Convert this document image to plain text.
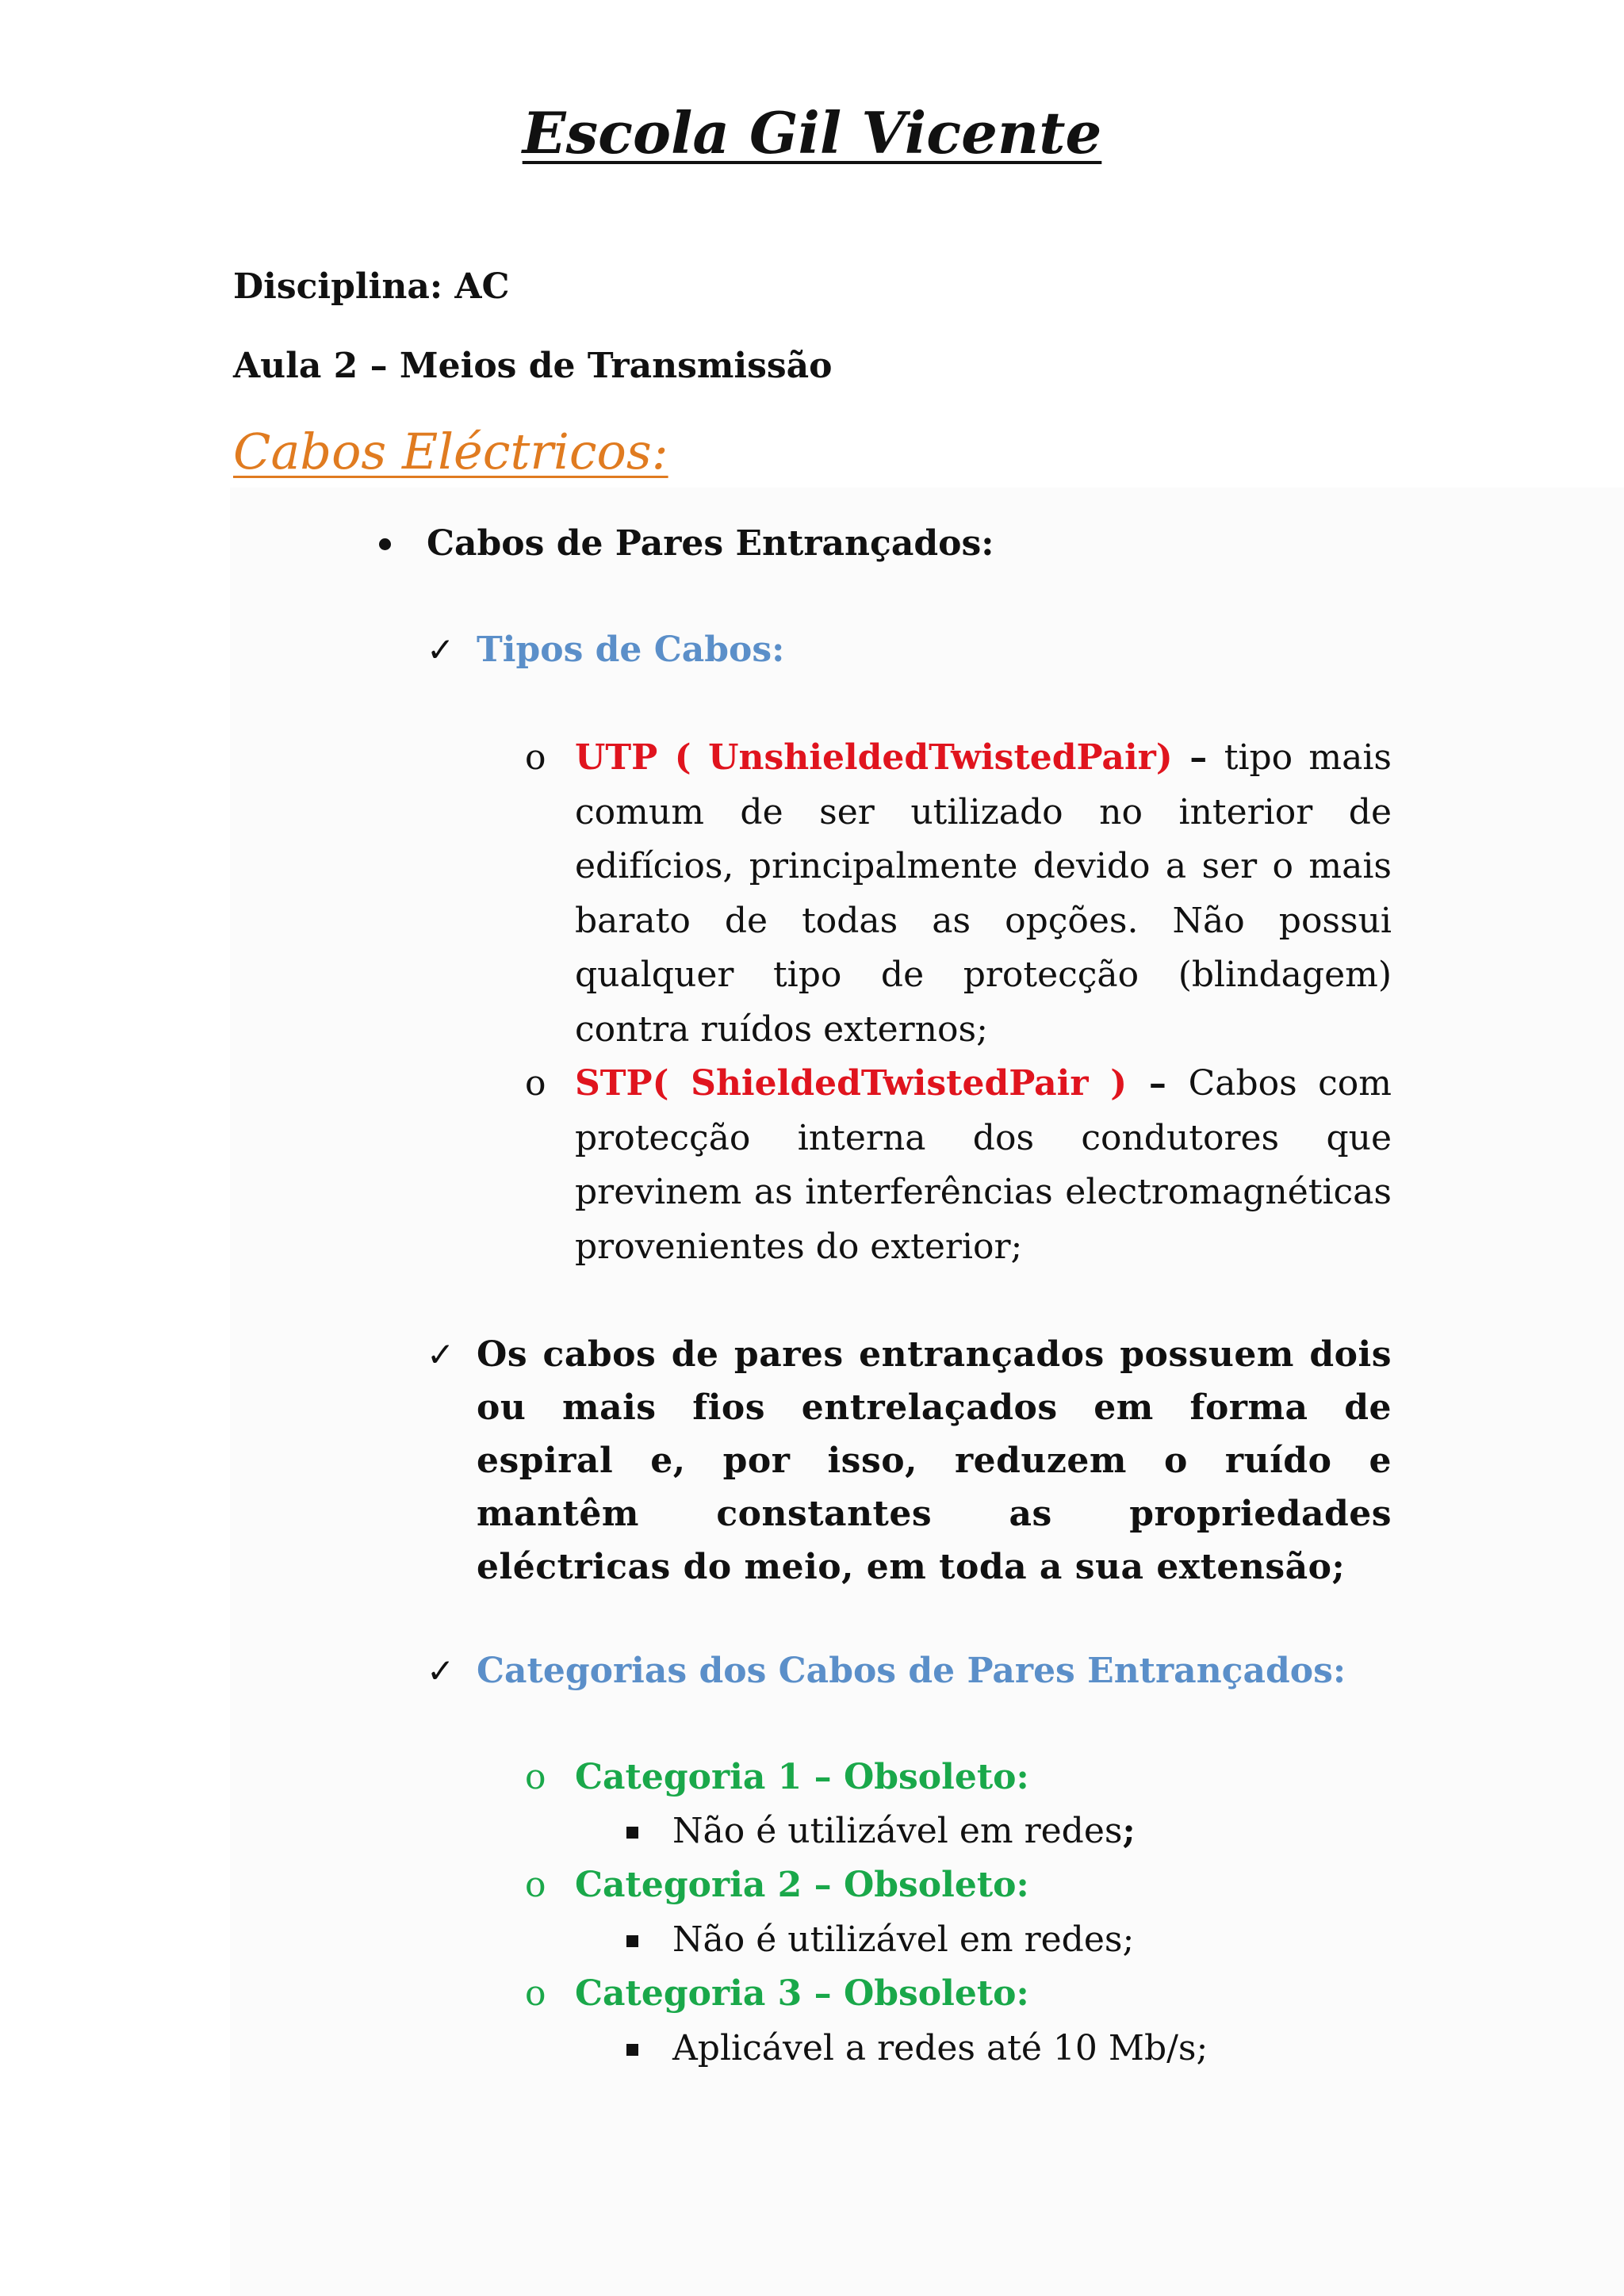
Escola Gil Vicente
Disciplina: AC
Aula 2 – Meios de Transmissão
Cabos Eléctricos:
Cabos de Pares Entrançados:
✓ Tipos de Cabos:
o UTP ( UnshieldedTwistedPair) – tipo mais comum de ser utilizado no interior de edifícios, principalmente devido a ser o mais barato de todas as opções. Não possui qualquer tipo de protecção (blindagem) contra ruídos externos;
o STP( ShieldedTwistedPair ) – Cabos com protecção interna dos condutores que previnem as interferências electromagnéticas provenientes do exterior;
✓ Os cabos de pares entrançados possuem dois ou mais fios entrelaçados em forma de espiral e, por isso, reduzem o ruído e mantêm constantes as propriedades eléctricas do meio, em toda a sua extensão;
✓ Categorias dos Cabos de Pares Entrançados:
o Categoria 1 – Obsoleto:
Não é utilizável em redes;
o Categoria 2 – Obsoleto:
Não é utilizável em redes;
o Categoria 3 – Obsoleto:
Aplicável a redes até 10 Mb/s;
